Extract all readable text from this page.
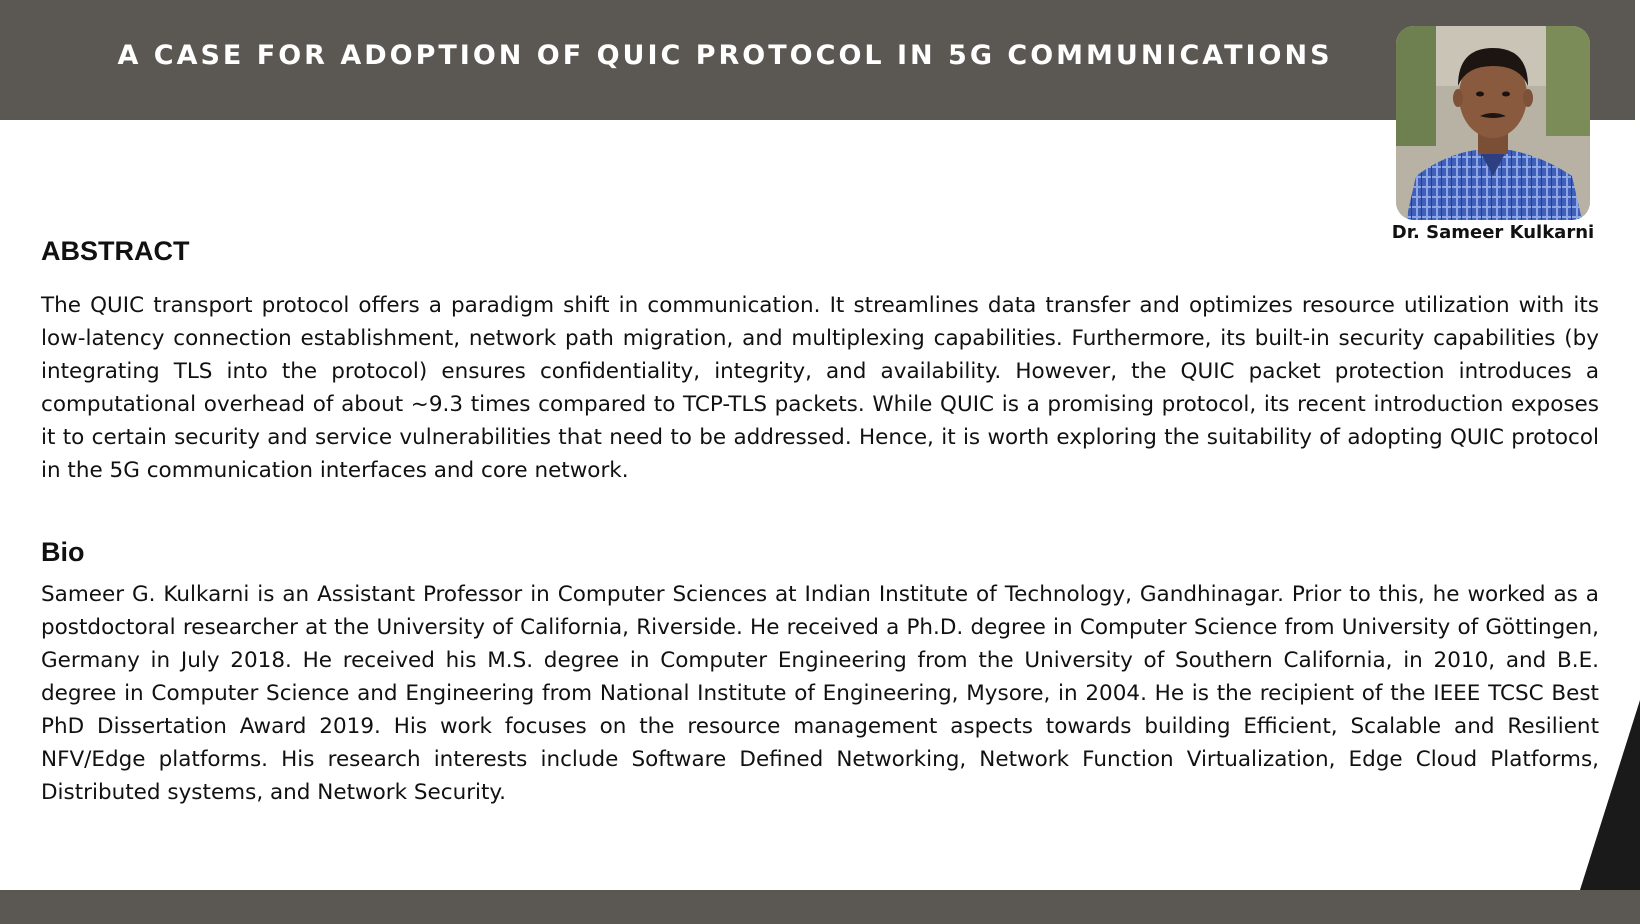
A CASE FOR ADOPTION OF QUIC PROTOCOL IN 5G COMMUNICATIONS
Dr. Sameer Kulkarni
ABSTRACT

The QUIC transport protocol offers a paradigm shift in communication. It streamlines data transfer and optimizes resource utilization with its low-latency connection establishment, network path migration, and multiplexing capabilities. Furthermore, its built-in security capabilities (by integrating TLS into the protocol) ensures confidentiality, integrity, and availability. However, the QUIC packet protection introduces a computational overhead of about ~9.3 times compared to TCP-TLS packets. While QUIC is a promising protocol, its recent introduction exposes it to certain security and service vulnerabilities that need to be addressed. Hence, it is worth exploring the suitability of adopting QUIC protocol in the 5G communication interfaces and core network.

Bio

Sameer G. Kulkarni is an Assistant Professor in Computer Sciences at Indian Institute of Technology, Gandhinagar. Prior to this, he worked as a postdoctoral researcher at the University of California, Riverside. He received a Ph.D. degree in Computer Science from University of Göttingen, Germany in July 2018. He received his M.S. degree in Computer Engineering from the University of Southern California, in 2010, and B.E. degree in Computer Science and Engineering from National Institute of Engineering, Mysore, in 2004. He is the recipient of the IEEE TCSC Best PhD Dissertation Award 2019. His work focuses on the resource management aspects towards building Efficient, Scalable and Resilient NFV/Edge platforms. His research interests include Software Defined Networking, Network Function Virtualization, Edge Cloud Platforms, Distributed systems, and Network Security.
